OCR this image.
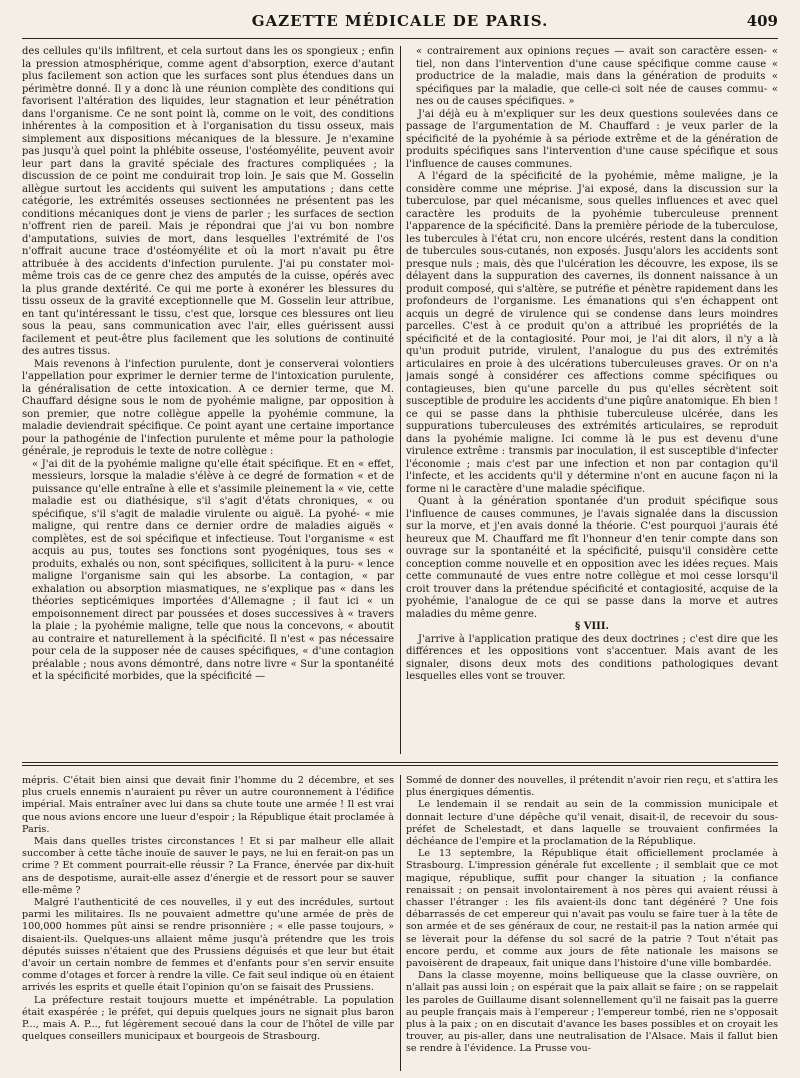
GAZETTE MÉDICALE DE PARIS.	409

des cellules qu'ils infiltrent, et cela surtout dans les os spongieux ; enfin la pression atmosphérique, comme agent d'absorption, exerce d'autant plus facilement son action que les surfaces sont plus étendues dans un périmètre donné. Il y a donc là une réunion complète des conditions qui favorisent l'altération des liquides, leur stagnation et leur pénétration dans l'organisme. Ce ne sont point là, comme on le voit, des conditions inhérentes à la composition et à l'organisation du tissu osseux, mais simplement aux dispositions mécaniques de la blessure. Je n'examine pas jusqu'à quel point la phlébite osseuse, l'ostéomyélite, peuvent avoir leur part dans la gravité spéciale des fractures compliquées ; la discussion de ce point me conduirait trop loin. Je sais que M. Gosselin allègue surtout les accidents qui suivent les amputations ; dans cette catégorie, les extrémités osseuses sectionnées ne présentent pas les conditions mécaniques dont je viens de parler ; les surfaces de section n'offrent rien de pareil. Mais je répondrai que j'ai vu bon nombre d'amputations, suivies de mort, dans lesquelles l'extrémité de l'os n'offrait aucune trace d'ostéomyélite et où la mort n'avait pu être attribuée à des accidents d'infection purulente. J'ai pu constater moi-même trois cas de ce genre chez des amputés de la cuisse, opérés avec la plus grande dextérité. Ce qui me porte à exonérer les blessures du tissu osseux de la gravité exceptionnelle que M. Gosselin leur attribue, en tant qu'intéressant le tissu, c'est que, lorsque ces blessures ont lieu sous la peau, sans communication avec l'air, elles guérissent aussi facilement et peut-être plus facilement que les solutions de continuité des autres tissus.

Mais revenons à l'infection purulente, dont je conserverai volontiers l'appellation pour exprimer le dernier terme de l'intoxication purulente, la généralisation de cette intoxication. A ce dernier terme, que M. Chauffard désigne sous le nom de pyohémie maligne, par opposition à son premier, que notre collègue appelle la pyohémie commune, la maladie deviendrait spécifique. Ce point ayant une certaine importance pour la pathogénie de l'infection purulente et même pour la pathologie générale, je reproduis le texte de notre collègue :

« J'ai dit de la pyohémie maligne qu'elle était spécifique. Et en « effet, messieurs, lorsque la maladie s'élève à ce degré de formation « et de puissance qu'elle entraîne à elle et s'assimile pleinement la « vie, cette maladie est ou diathésique, s'il s'agit d'états chroniques, « ou spécifique, s'il s'agit de maladie virulente ou aiguë. La pyohé- « mie maligne, qui rentre dans ce dernier ordre de maladies aiguës « complètes, est de soi spécifique et infectieuse. Tout l'organisme « est acquis au pus, toutes ses fonctions sont pyogéniques, tous ses « produits, exhalés ou non, sont spécifiques, sollicitent à la puru- « lence maligne l'organisme sain qui les absorbe. La contagion, « par exhalation ou absorption miasmatiques, ne s'explique pas « dans les théories septicémiques importées d'Allemagne ; il faut ici « un empoisonnement direct par poussées et doses successives à « travers la plaie ; la pyohémie maligne, telle que nous la concevons, « aboutit au contraire et naturellement à la spécificité. Il n'est « pas nécessaire pour cela de la supposer née de causes spécifiques, « d'une contagion préalable ; nous avons démontré, dans notre livre « Sur la spontanéité et la spécificité morbides, que la spécificité —

« contrairement aux opinions reçues — avait son caractère essen- « tiel, non dans l'intervention d'une cause spécifique comme cause « productrice de la maladie, mais dans la génération de produits « spécifiques par la maladie, que celle-ci soit née de causes commu- « nes ou de causes spécifiques. »

J'ai déjà eu à m'expliquer sur les deux questions soulevées dans ce passage de l'argumentation de M. Chauffard : je veux parler de la spécificité de la pyohémie à sa période extrême et de la génération de produits spécifiques sans l'intervention d'une cause spécifique et sous l'influence de causes communes.

A l'égard de la spécificité de la pyohémie, même maligne, je la considère comme une méprise. J'ai exposé, dans la discussion sur la tuberculose, par quel mécanisme, sous quelles influences et avec quel caractère les produits de la pyohémie tuberculeuse prennent l'apparence de la spécificité. Dans la première période de la tuberculose, les tubercules à l'état cru, non encore ulcérés, restent dans la condition de tubercules sous-cutanés, non exposés. Jusqu'alors les accidents sont presque nuls ; mais, dès que l'ulcération les découvre, les expose, ils se délayent dans la suppuration des cavernes, ils donnent naissance à un produit composé, qui s'altère, se putréfie et pénètre rapidement dans les profondeurs de l'organisme. Les émanations qui s'en échappent ont acquis un degré de virulence qui se condense dans leurs moindres parcelles. C'est à ce produit qu'on a attribué les propriétés de la spécificité et de la contagiosité. Pour moi, je l'ai dit alors, il n'y a là qu'un produit putride, virulent, l'analogue du pus des extrémités articulaires en proie à des ulcérations tuberculeuses graves. Or on n'a jamais songé à considérer ces affections comme spécifiques ou contagieuses, bien qu'une parcelle du pus qu'elles sécrètent soit susceptible de produire les accidents d'une piqûre anatomique. Eh bien ! ce qui se passe dans la phthisie tuberculeuse ulcérée, dans les suppurations tuberculeuses des extrémités articulaires, se reproduit dans la pyohémie maligne. Ici comme là le pus est devenu d'une virulence extrême : transmis par inoculation, il est susceptible d'infecter l'économie ; mais c'est par une infection et non par contagion qu'il l'infecte, et les accidents qu'il y détermine n'ont en aucune façon ni la forme ni le caractère d'une maladie spécifique.

Quant à la génération spontanée d'un produit spécifique sous l'influence de causes communes, je l'avais signalée dans la discussion sur la morve, et j'en avais donné la théorie. C'est pourquoi j'aurais été heureux que M. Chauffard me fît l'honneur d'en tenir compte dans son ouvrage sur la spontanéité et la spécificité, puisqu'il considère cette conception comme nouvelle et en opposition avec les idées reçues. Mais cette communauté de vues entre notre collègue et moi cesse lorsqu'il croit trouver dans la prétendue spécificité et contagiosité, acquise de la pyohémie, l'analogue de ce qui se passe dans la morve et autres maladies du même genre.

§ VIII.

J'arrive à l'application pratique des deux doctrines ; c'est dire que les différences et les oppositions vont s'accentuer. Mais avant de les signaler, disons deux mots des conditions pathologiques devant lesquelles elles vont se trouver.

mépris. C'était bien ainsi que devait finir l'homme du 2 décembre, et ses plus cruels ennemis n'auraient pu rêver un autre couronnement à l'édifice impérial. Mais entraîner avec lui dans sa chute toute une armée ! Il est vrai que nous avions encore une lueur d'espoir ; la République était proclamée à Paris.

Mais dans quelles tristes circonstances ! Et si par malheur elle allait succomber à cette tâche inouïe de sauver le pays, ne lui en ferait-on pas un crime ? Et comment pourrait-elle réussir ? La France, énervée par dix-huit ans de despotisme, aurait-elle assez d'énergie et de ressort pour se sauver elle-même ?

Malgré l'authenticité de ces nouvelles, il y eut des incrédules, surtout parmi les militaires. Ils ne pouvaient admettre qu'une armée de près de 100,000 hommes pût ainsi se rendre prisonnière ; « elle passe toujours, » disaient-ils. Quelques-uns allaient même jusqu'à prétendre que les trois députés suisses n'étaient que des Prussiens déguisés et que leur but était d'avoir un certain nombre de femmes et d'enfants pour s'en servir ensuite comme d'otages et forcer à rendre la ville. Ce fait seul indique où en étaient arrivés les esprits et quelle était l'opinion qu'on se faisait des Prussiens.

La préfecture restait toujours muette et impénétrable. La population était exaspérée ; le préfet, qui depuis quelques jours ne signait plus baron P..., mais A. P..., fut légèrement secoué dans la cour de l'hôtel de ville par quelques conseillers municipaux et bourgeois de Strasbourg.

Sommé de donner des nouvelles, il prétendit n'avoir rien reçu, et s'attira les plus énergiques démentis.

Le lendemain il se rendait au sein de la commission municipale et donnait lecture d'une dépêche qu'il venait, disait-il, de recevoir du sous-préfet de Schelestadt, et dans laquelle se trouvaient confirmées la déchéance de l'empire et la proclamation de la République.

Le 13 septembre, la République était officiellement proclamée à Strasbourg. L'impression générale fut excellente ; il semblait que ce mot magique, république, suffit pour changer la situation ; la confiance renaissait ; on pensait involontairement à nos pères qui avaient réussi à chasser l'étranger : les fils avaient-ils donc tant dégénéré ? Une fois débarrassés de cet empereur qui n'avait pas voulu se faire tuer à la tête de son armée et de ses généraux de cour, ne restait-il pas la nation armée qui se lèverait pour la défense du sol sacré de la patrie ? Tout n'était pas encore perdu, et comme aux jours de fête nationale les maisons se pavoisèrent de drapeaux, fait unique dans l'histoire d'une ville bombardée.

Dans la classe moyenne, moins belliqueuse que la classe ouvrière, on n'allait pas aussi loin ; on espérait que la paix allait se faire ; on se rappelait les paroles de Guillaume disant solennellement qu'il ne faisait pas la guerre au peuple français mais à l'empereur ; l'empereur tombé, rien ne s'opposait plus à la paix ; on en discutait d'avance les bases possibles et on croyait les trouver, au pis-aller, dans une neutralisation de l'Alsace. Mais il fallut bien se rendre à l'évidence. La Prusse vou-
